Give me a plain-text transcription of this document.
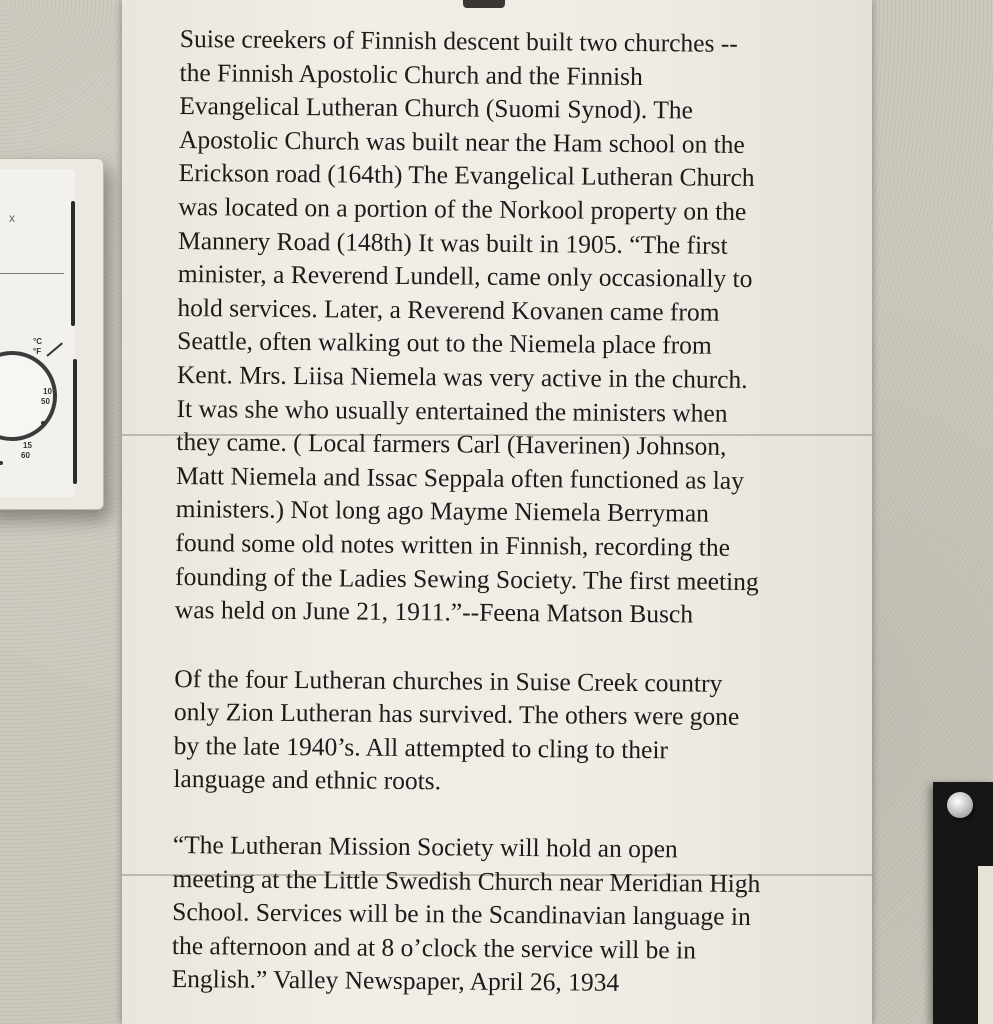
x
°C
°F
10
50
15
60

Suise creekers of Finnish descent built two churches --
the Finnish Apostolic Church and the Finnish
Evangelical Lutheran Church (Suomi Synod). The
Apostolic Church was built near the Ham school on the
Erickson road (164th) The Evangelical Lutheran Church
was located on a portion of the Norkool property on the
Mannery Road (148th) It was built in 1905. “The first
minister, a Reverend Lundell, came only occasionally to
hold services. Later, a Reverend Kovanen came from
Seattle, often walking out to the Niemela place from
Kent. Mrs. Liisa Niemela was very active in the church.
It was she who usually entertained the ministers when
they came. ( Local farmers Carl (Haverinen) Johnson,
Matt Niemela and Issac Seppala often functioned as lay
ministers.) Not long ago Mayme Niemela Berryman
found some old notes written in Finnish, recording the
founding of the Ladies Sewing Society. The first meeting
was held on June 21, 1911.”--Feena Matson Busch

Of the four Lutheran churches in Suise Creek country
only Zion Lutheran has survived. The others were gone
by the late 1940’s. All attempted to cling to their
language and ethnic roots.

“The Lutheran Mission Society will hold an open
meeting at the Little Swedish Church near Meridian High
School. Services will be in the Scandinavian language in
the afternoon and at 8 o’clock the service will be in
English.” Valley Newspaper, April 26, 1934
